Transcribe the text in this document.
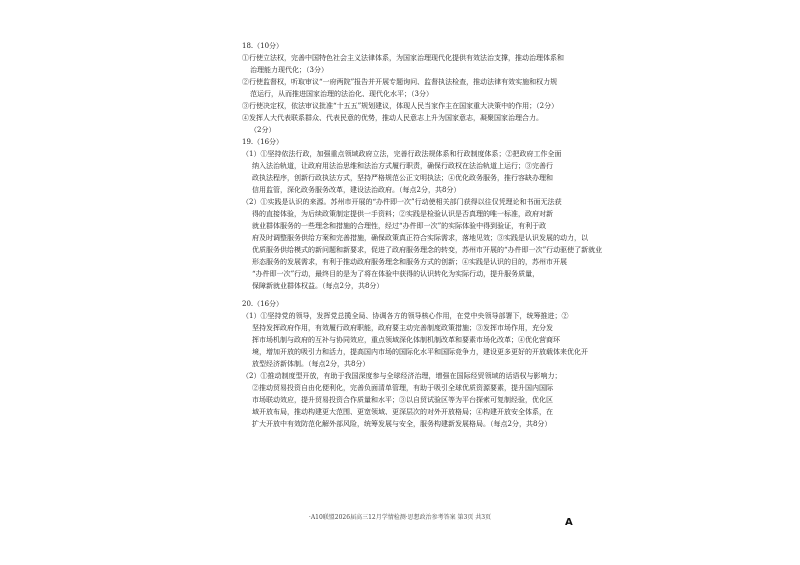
18.（10分）
①行使立法权，完善中国特色社会主义法律体系，为国家治理现代化提供有效法治支撑，推动治理体系和
治理能力现代化；（3分）
②行使监督权，听取审议“一府两院”报告并开展专题询问、监督执法检查，推动法律有效实施和权力规
范运行，从而推进国家治理的法治化、现代化水平；（3分）
③行使决定权，依法审议批准“十五五”规划建议，体现人民当家作主在国家重大决策中的作用；（2分）
④发挥人大代表联系群众、代表民意的优势，推动人民意志上升为国家意志，凝聚国家治理合力。
（2分）
19.（16分）
（1）①坚持依法行政，加强重点领域政府立法，完善行政法规体系和行政制度体系；②把政府工作全面
纳入法治轨道，让政府用法治思维和法治方式履行职责，确保行政权在法治轨道上运行；③完善行
政执法程序，创新行政执法方式，坚持严格规范公正文明执法；④优化政务服务，推行容缺办理和
信用监管，深化政务服务改革，建设法治政府。（每点2分，共8分）
（2）①实践是认识的来源。苏州市开展的“办件即一次”行动使相关部门获得以往仅凭理论和书面无法获
得的直接体验，为后续政策制定提供一手资料；②实践是检验认识是否真理的唯一标准，政府对新
就业群体服务的一些理念和措施的合理性，经过“办件即一次”的实际体验中得到验证，有利于政
府及时调整服务供给方案和完善措施，确保政策真正符合实际需求，落地见效；③实践是认识发展的动力，以
优质服务供给模式的新问题和新要求，促进了政府服务理念的转变，苏州市开展的“办件即一次”行动驱使了新就业
形态服务的发展需求，有利于推动政府服务理念和服务方式的创新；④实践是认识的目的，苏州市开展
“办件即一次”行动，最终目的是为了将在体验中获得的认识转化为实际行动，提升服务质量，
保障新就业群体权益。（每点2分，共8分）
20.（16分）
（1）①坚持党的领导，发挥党总揽全局、协调各方的领导核心作用，在党中央领导部署下，统筹推进；②
坚持发挥政府作用，有效履行政府职能，政府要主动完善制度政策措施；③发挥市场作用，充分发
挥市场机制与政府的互补与协同效应，重点领域深化体制机制改革和要素市场化改革；④优化营商环
境，增加开放的吸引力和活力，提高国内市场的国际化水平和国际竞争力，建设更多更好的开放载体来优化开
放型经济新体制。（每点2分，共8分）
（2）①推动制度型开放，有助于我国深度参与全球经济治理，增强在国际经贸领域的话语权与影响力；
②推动贸易投资自由化便利化，完善负面清单管理，有助于吸引全球优质资源要素，提升国内国际
市场联动效应，提升贸易投资合作质量和水平；③以自贸试验区等为平台探索可复制经验，优化区
域开放布局，推动构建更大范围、更宽领域、更深层次的对外开放格局；④构建开放安全体系，在
扩大开放中有效防范化解外部风险，统筹发展与安全，服务构建新发展格局。（每点2分，共8分）
·A10联盟2026届高三12月学情检测·思想政治参考答案 第3页 共3页	A
